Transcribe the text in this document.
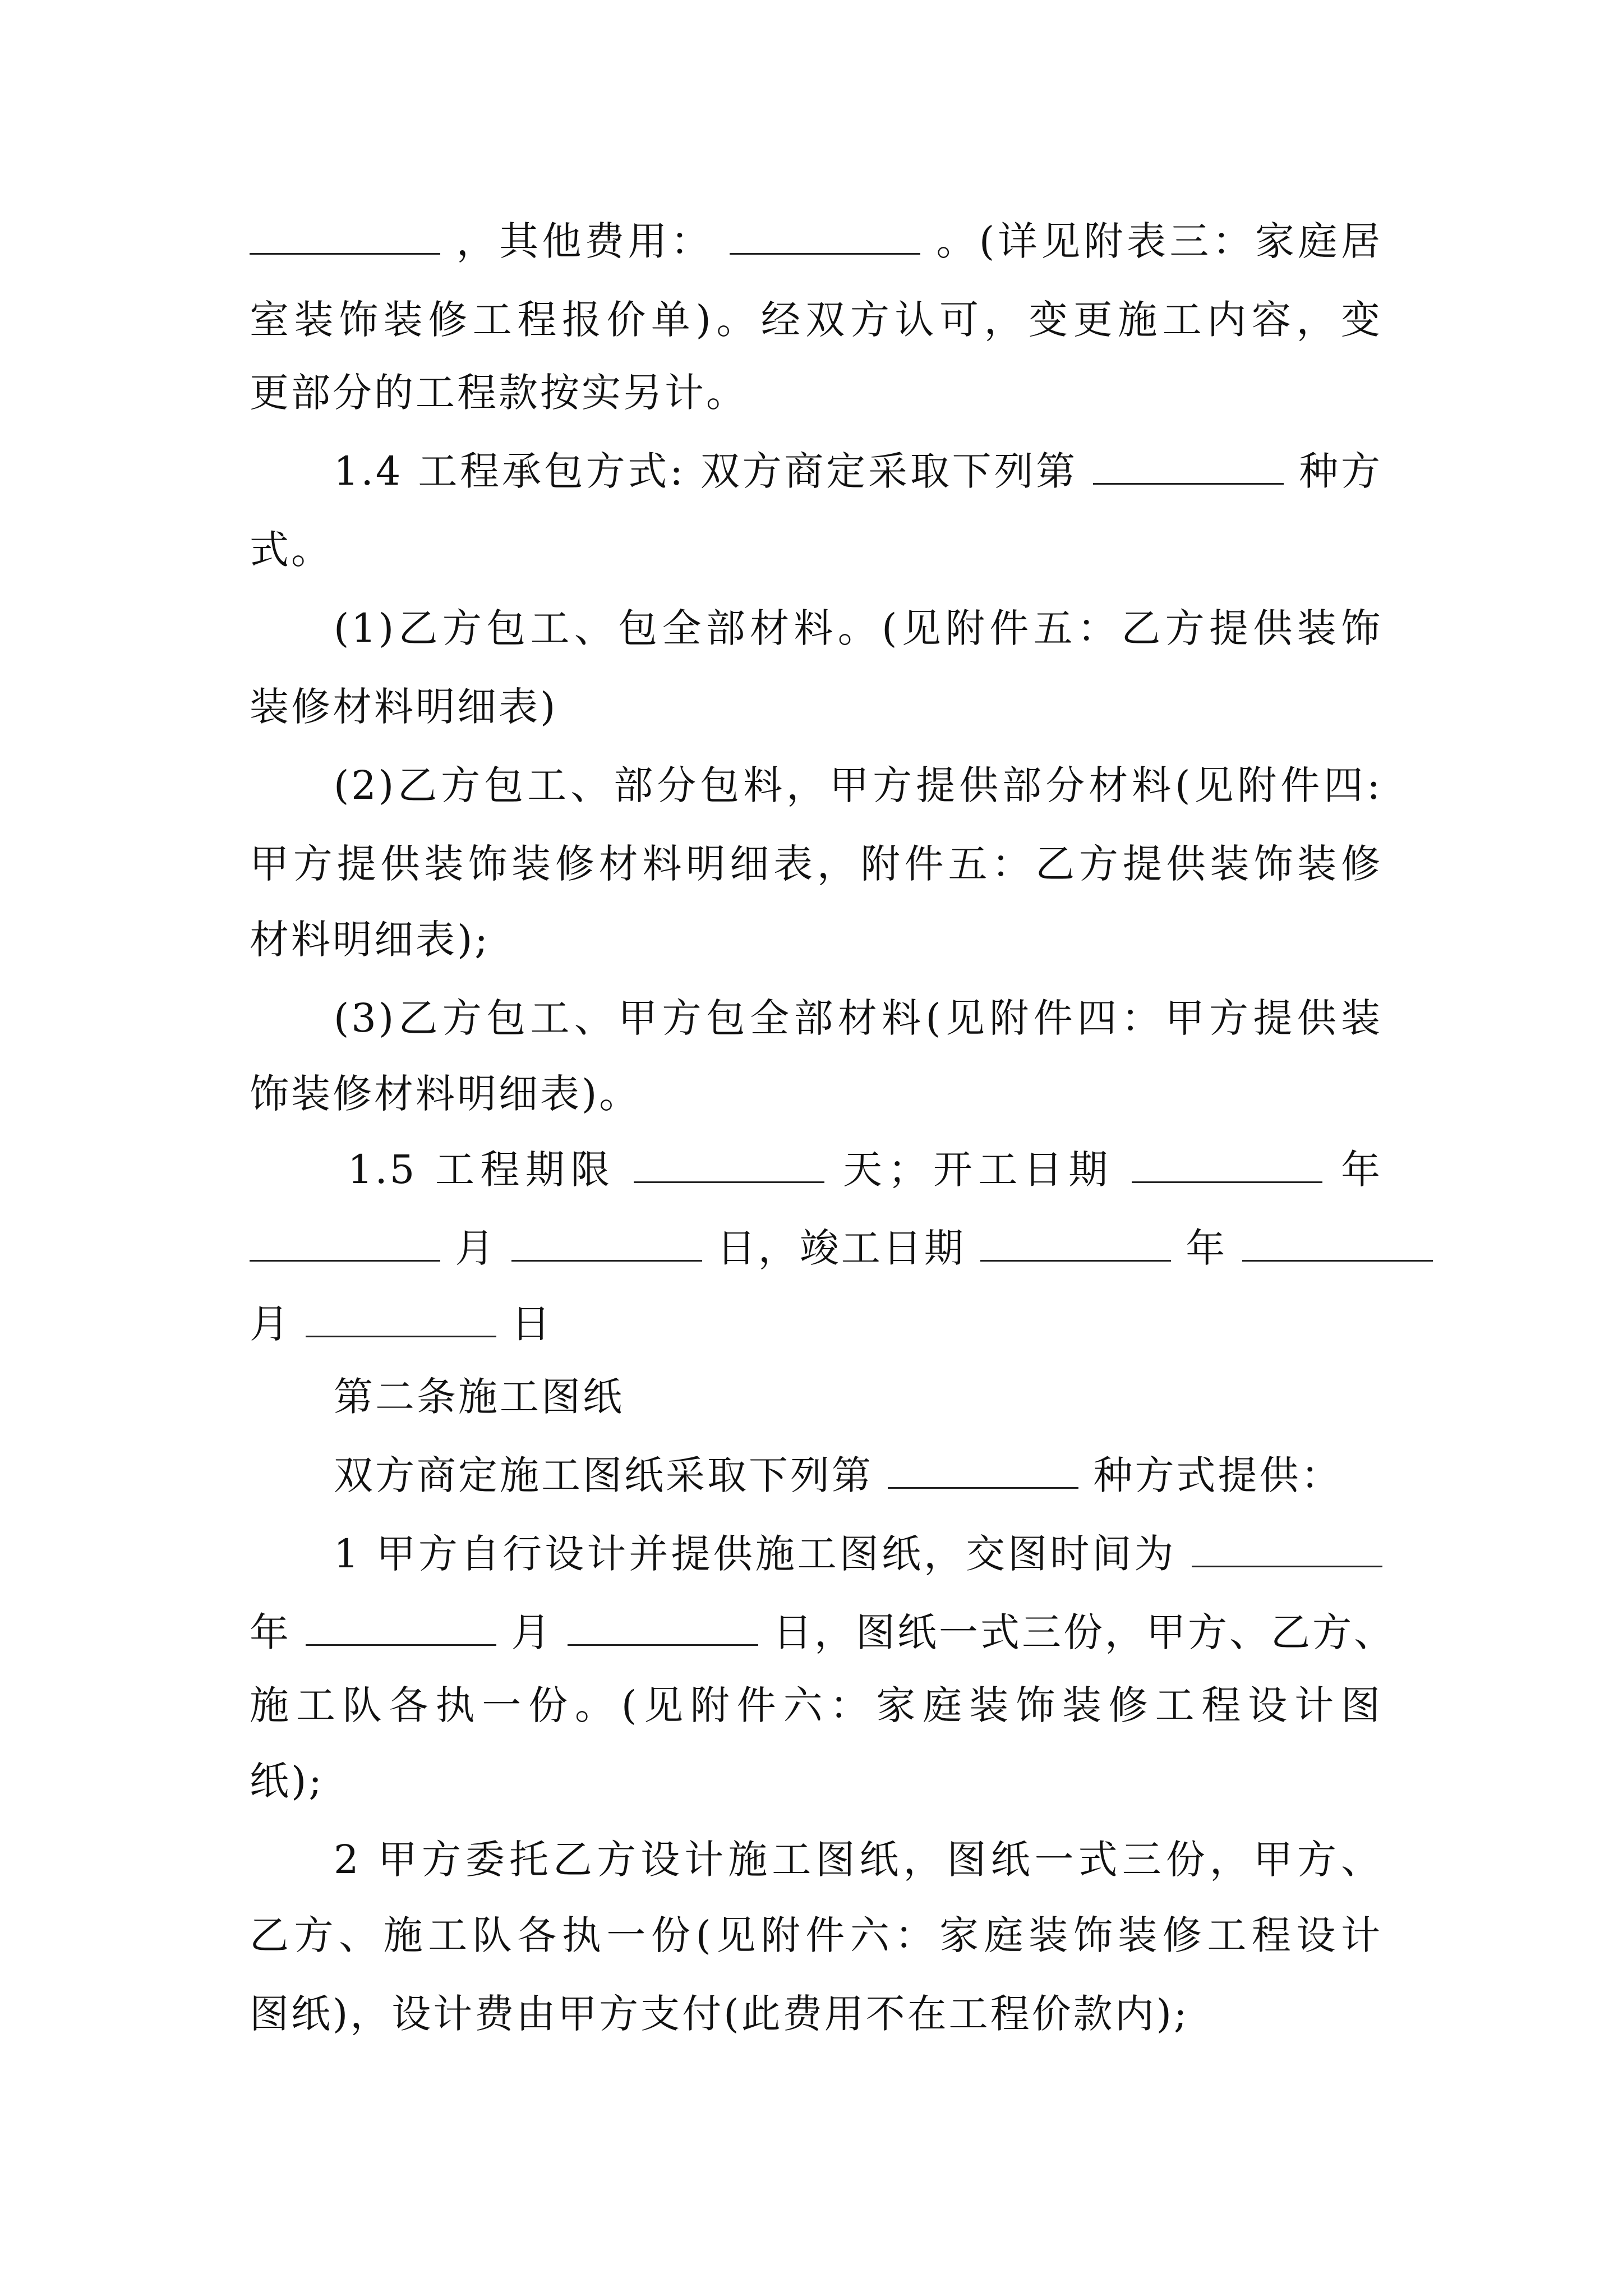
，其他费用：	。(详见附表三：家庭居
室装饰装修工程报价单)。经双方认可，变更施工内容，变
更部分的工程款按实另计。
1.4 工程承包方式: 双方商定采取下列第	种方
式。
(1)乙方包工、包全部材料。(见附件五：乙方提供装饰
装修材料明细表)
(2)乙方包工、部分包料，甲方提供部分材料(见附件四:
甲方提供装饰装修材料明细表，附件五：乙方提供装饰装修
材料明细表);
(3)乙方包工、甲方包全部材料(见附件四：甲方提供装
饰装修材料明细表)。
1.5 工程期限	天；开工日期	年
月	日，竣工日期	年
月	日
第二条施工图纸
双方商定施工图纸采取下列第	种方式提供：
1 甲方自行设计并提供施工图纸，交图时间为
年	月	日，图纸一式三份，甲方、乙方、
施工队各执一份。(见附件六：家庭装饰装修工程设计图
纸);
2 甲方委托乙方设计施工图纸，图纸一式三份，甲方、
乙方、施工队各执一份(见附件六：家庭装饰装修工程设计
图纸)，设计费由甲方支付(此费用不在工程价款内);
